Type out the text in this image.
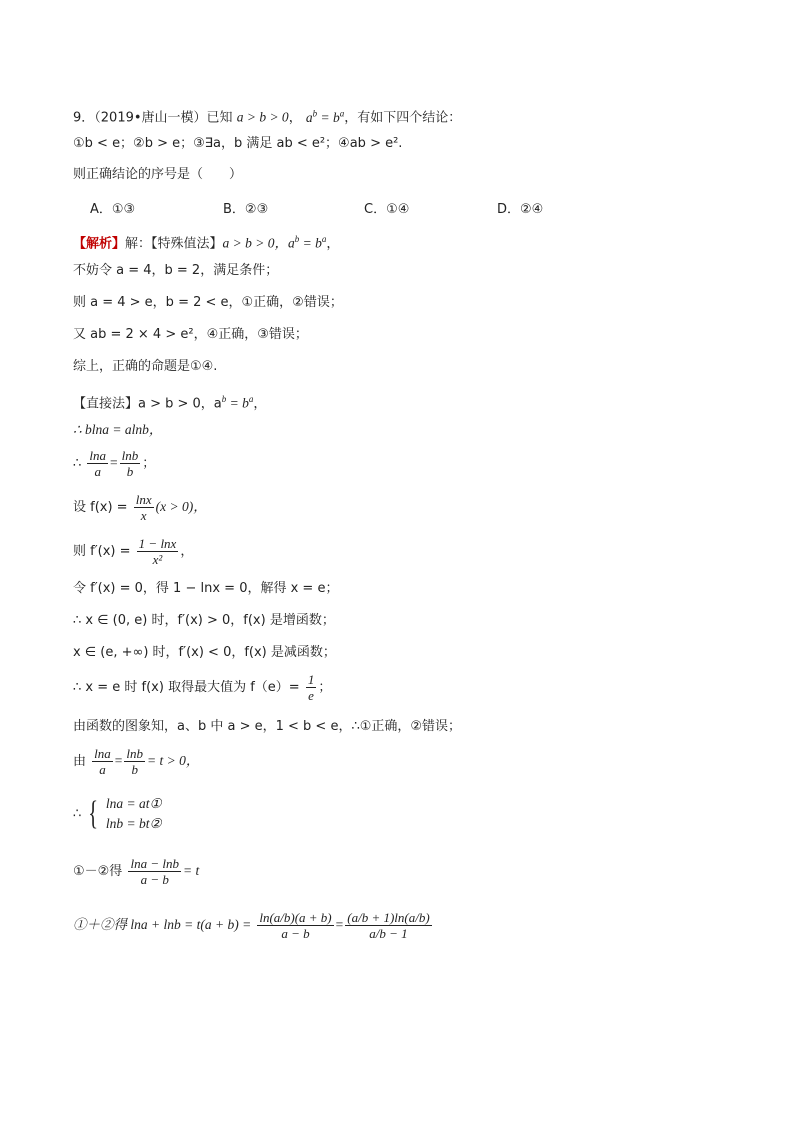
9．（2019•唐山一模）已知 a > b > 0， $a^b = b^a$，有如下四个结论：
①b < e；②b > e；③∃a，b 满足 ab < e²；④ab > e².
则正确结论的序号是（　　）
A．①③	B．②③	C．①④	D．②④
【解析】解：【特殊值法】a > b > 0，$a^b = b^a$，
不妨令 a = 4，b = 2，满足条件；
则 a = 4 > e，b = 2 < e，①正确，②错误；
又 ab = 2 × 4 > e²，④正确，③错误；
综上，正确的命题是①④.
【直接法】a > b > 0，$a^b = b^a$，
∴ blna = alnb，
∴ $\frac{\ln a}{a} = \frac{\ln b}{b}$ ；
设 $f(x) = \frac{\ln x}{x} (x > 0)$，
则 $f'(x) = \frac{1 - \ln x}{\text{x²}}$ ，
令 f′(x) = 0，得 1 − lnx = 0，解得 x = e；
∴ x ∈ (0, e) 时，f′(x) > 0，f(x) 是增函数；
x ∈ (e, +∞) 时，f′(x) < 0，f(x) 是减函数；
∴ x = e 时 f(x) 取得最大值为 $f(e)= \frac{1}{e}$ ；
由函数的图象知，a、b 中 a > e，1 < b < e，∴①正确，②错误；
由 $\frac{\ln a}{a} = \frac{\ln b}{b} = t > 0$，
∴ { lna = at①
lnb = bt②
①－②得 $\frac{\ln a - \ln b}{a - b} = t$
①＋②得 $\ln a + \ln b = t(a + b) = \frac{\ln(a/b)(a + b)}{a - b} = \frac{(a/b + 1)\ln(a/b)}{a/b - 1}$
